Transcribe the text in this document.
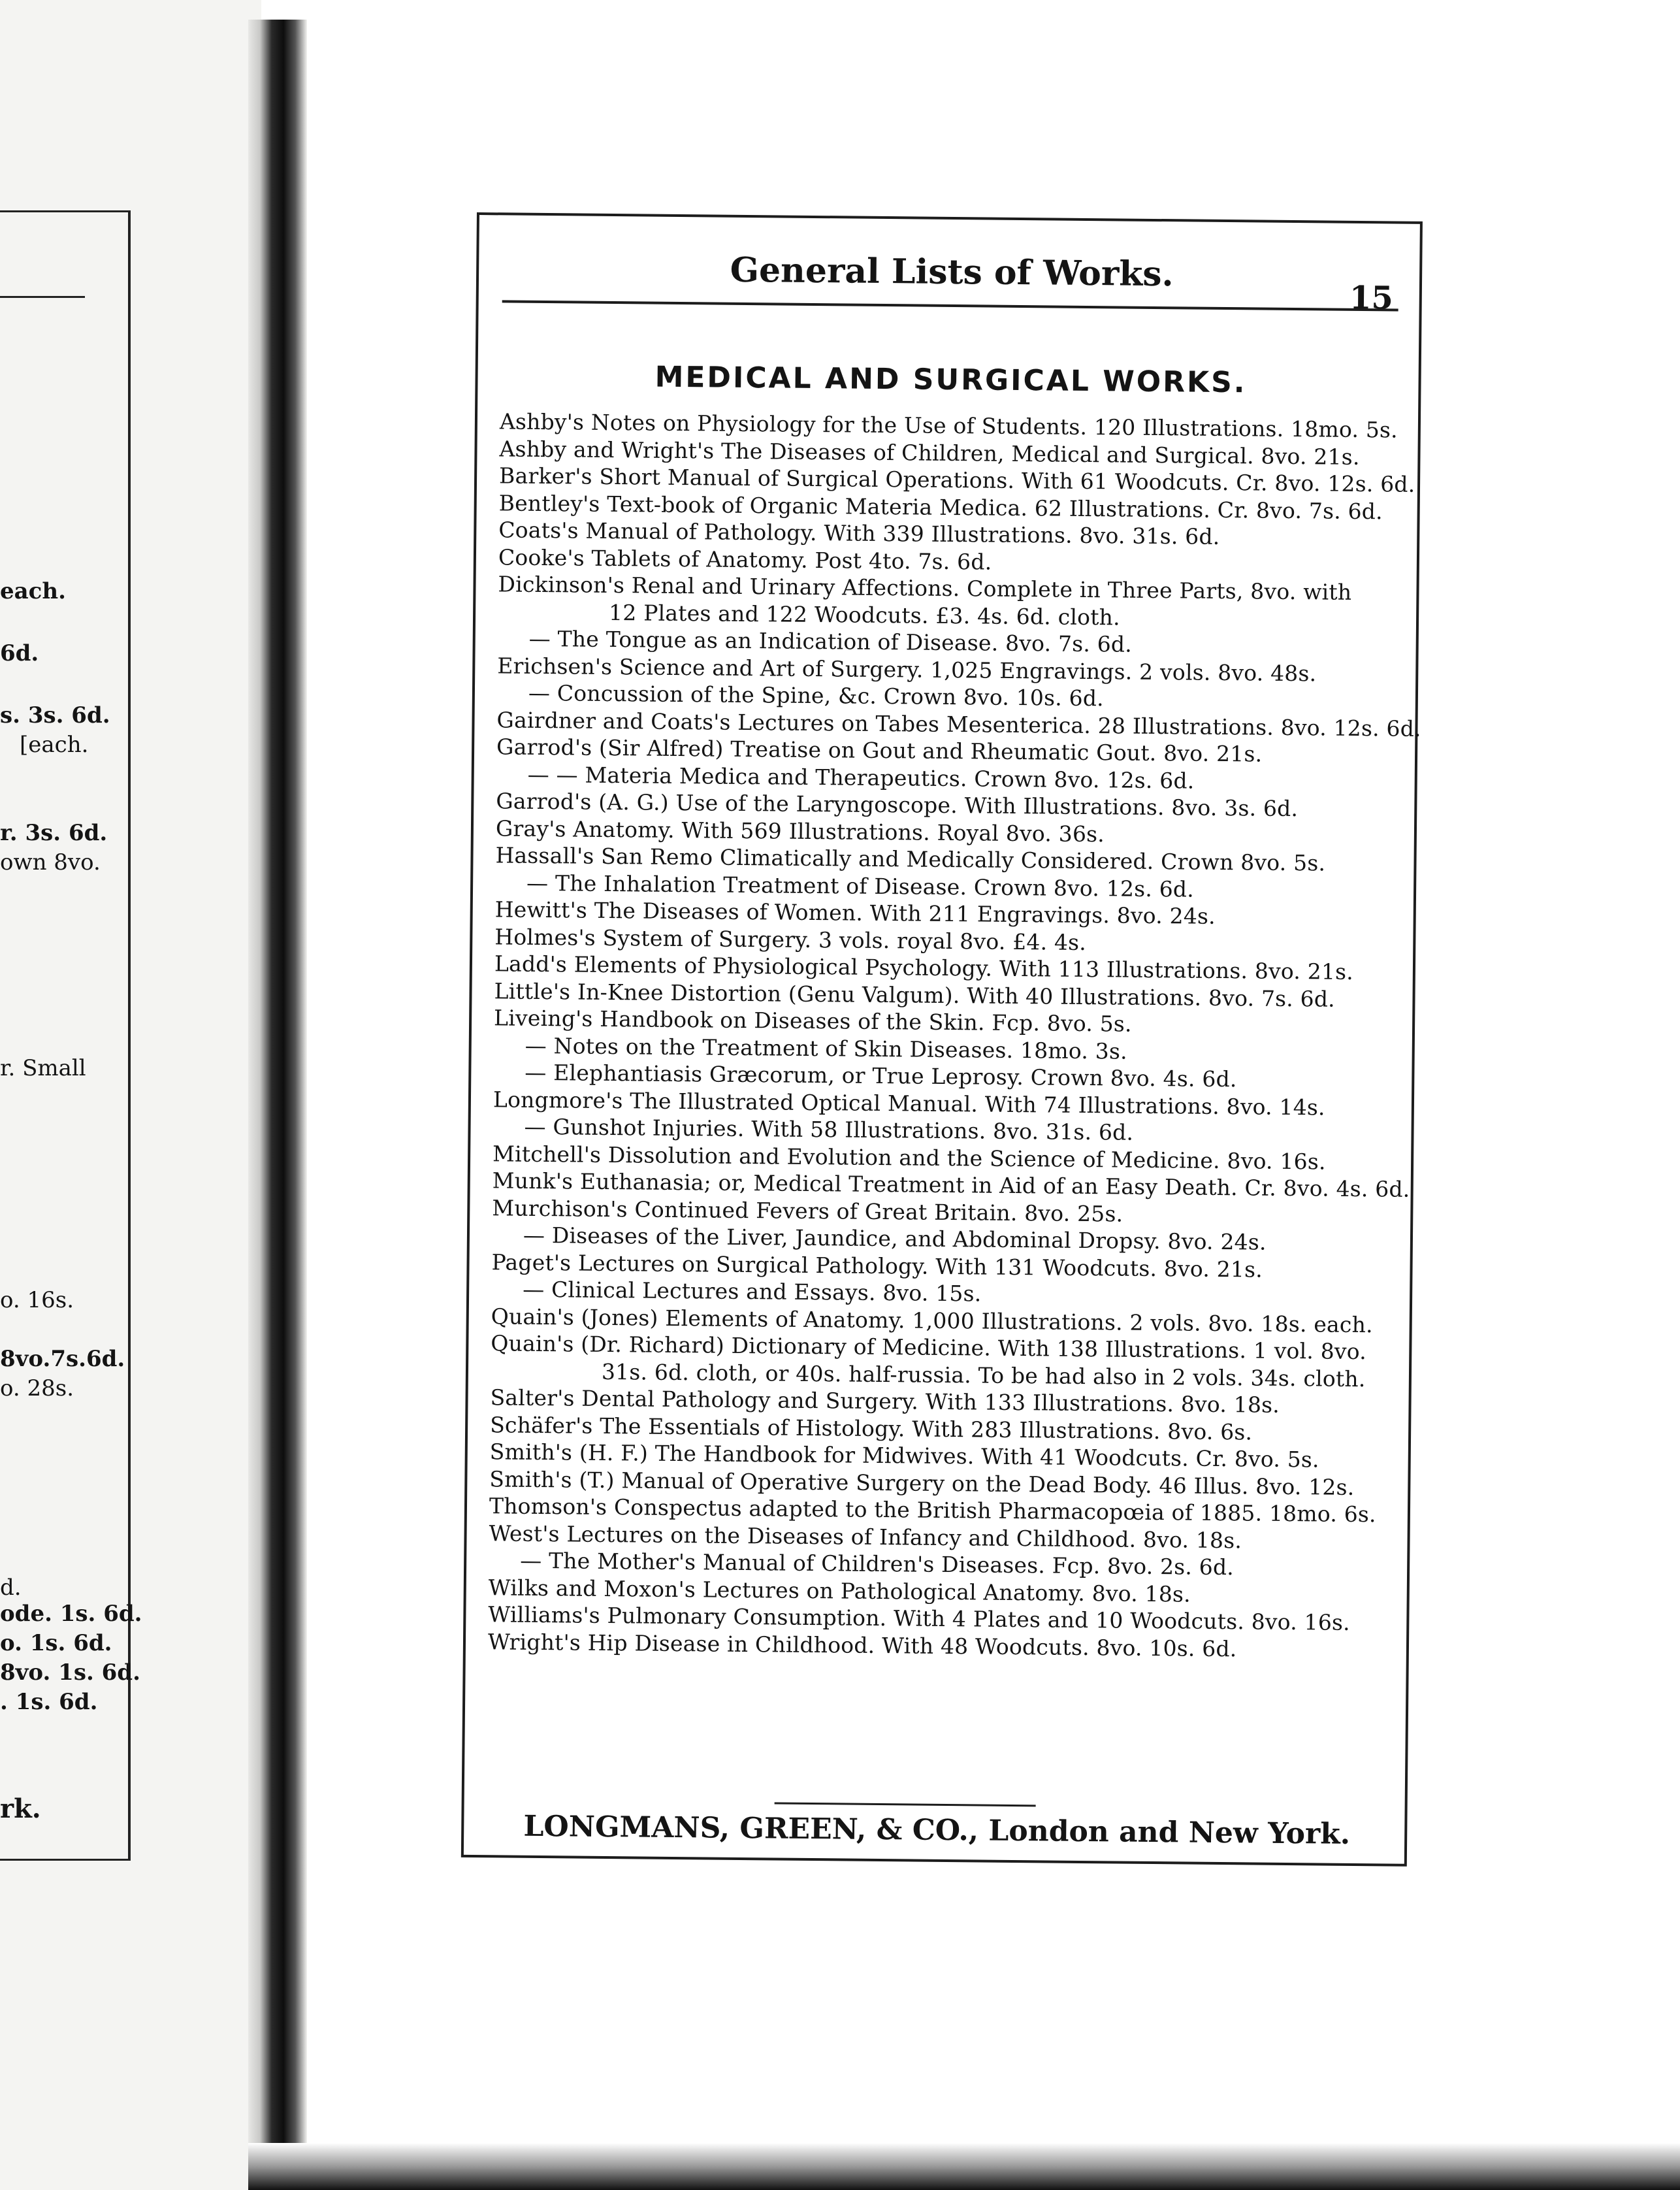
each.
6d.
s. 3s. 6d.
[each.
r. 3s. 6d.
own 8vo.
r. Small
o. 16s.
8vo.7s.6d.
o. 28s.
d.
ode. 1s. 6d.
o. 1s. 6d.
8vo. 1s. 6d.
. 1s. 6d.
rk.
General Lists of Works.
15
MEDICAL AND SURGICAL WORKS.
Ashby's Notes on Physiology for the Use of Students. 120 Illustrations. 18mo. 5s.
Ashby and Wright's The Diseases of Children, Medical and Surgical. 8vo. 21s.
Barker's Short Manual of Surgical Operations. With 61 Woodcuts. Cr. 8vo. 12s. 6d.
Bentley's Text-book of Organic Materia Medica. 62 Illustrations. Cr. 8vo. 7s. 6d.
Coats's Manual of Pathology. With 339 Illustrations. 8vo. 31s. 6d.
Cooke's Tablets of Anatomy. Post 4to. 7s. 6d.
Dickinson's Renal and Urinary Affections. Complete in Three Parts, 8vo. with
12 Plates and 122 Woodcuts. £3. 4s. 6d. cloth.
— The Tongue as an Indication of Disease. 8vo. 7s. 6d.
Erichsen's Science and Art of Surgery. 1,025 Engravings. 2 vols. 8vo. 48s.
— Concussion of the Spine, &c. Crown 8vo. 10s. 6d.
Gairdner and Coats's Lectures on Tabes Mesenterica. 28 Illustrations. 8vo. 12s. 6d.
Garrod's (Sir Alfred) Treatise on Gout and Rheumatic Gout. 8vo. 21s.
— — Materia Medica and Therapeutics. Crown 8vo. 12s. 6d.
Garrod's (A. G.) Use of the Laryngoscope. With Illustrations. 8vo. 3s. 6d.
Gray's Anatomy. With 569 Illustrations. Royal 8vo. 36s.
Hassall's San Remo Climatically and Medically Considered. Crown 8vo. 5s.
— The Inhalation Treatment of Disease. Crown 8vo. 12s. 6d.
Hewitt's The Diseases of Women. With 211 Engravings. 8vo. 24s.
Holmes's System of Surgery. 3 vols. royal 8vo. £4. 4s.
Ladd's Elements of Physiological Psychology. With 113 Illustrations. 8vo. 21s.
Little's In-Knee Distortion (Genu Valgum). With 40 Illustrations. 8vo. 7s. 6d.
Liveing's Handbook on Diseases of the Skin. Fcp. 8vo. 5s.
— Notes on the Treatment of Skin Diseases. 18mo. 3s.
— Elephantiasis Græcorum, or True Leprosy. Crown 8vo. 4s. 6d.
Longmore's The Illustrated Optical Manual. With 74 Illustrations. 8vo. 14s.
— Gunshot Injuries. With 58 Illustrations. 8vo. 31s. 6d.
Mitchell's Dissolution and Evolution and the Science of Medicine. 8vo. 16s.
Munk's Euthanasia; or, Medical Treatment in Aid of an Easy Death. Cr. 8vo. 4s. 6d.
Murchison's Continued Fevers of Great Britain. 8vo. 25s.
— Diseases of the Liver, Jaundice, and Abdominal Dropsy. 8vo. 24s.
Paget's Lectures on Surgical Pathology. With 131 Woodcuts. 8vo. 21s.
— Clinical Lectures and Essays. 8vo. 15s.
Quain's (Jones) Elements of Anatomy. 1,000 Illustrations. 2 vols. 8vo. 18s. each.
Quain's (Dr. Richard) Dictionary of Medicine. With 138 Illustrations. 1 vol. 8vo.
31s. 6d. cloth, or 40s. half-russia. To be had also in 2 vols. 34s. cloth.
Salter's Dental Pathology and Surgery. With 133 Illustrations. 8vo. 18s.
Schäfer's The Essentials of Histology. With 283 Illustrations. 8vo. 6s.
Smith's (H. F.) The Handbook for Midwives. With 41 Woodcuts. Cr. 8vo. 5s.
Smith's (T.) Manual of Operative Surgery on the Dead Body. 46 Illus. 8vo. 12s.
Thomson's Conspectus adapted to the British Pharmacopœia of 1885. 18mo. 6s.
West's Lectures on the Diseases of Infancy and Childhood. 8vo. 18s.
— The Mother's Manual of Children's Diseases. Fcp. 8vo. 2s. 6d.
Wilks and Moxon's Lectures on Pathological Anatomy. 8vo. 18s.
Williams's Pulmonary Consumption. With 4 Plates and 10 Woodcuts. 8vo. 16s.
Wright's Hip Disease in Childhood. With 48 Woodcuts. 8vo. 10s. 6d.
LONGMANS, GREEN, & CO., London and New York.
